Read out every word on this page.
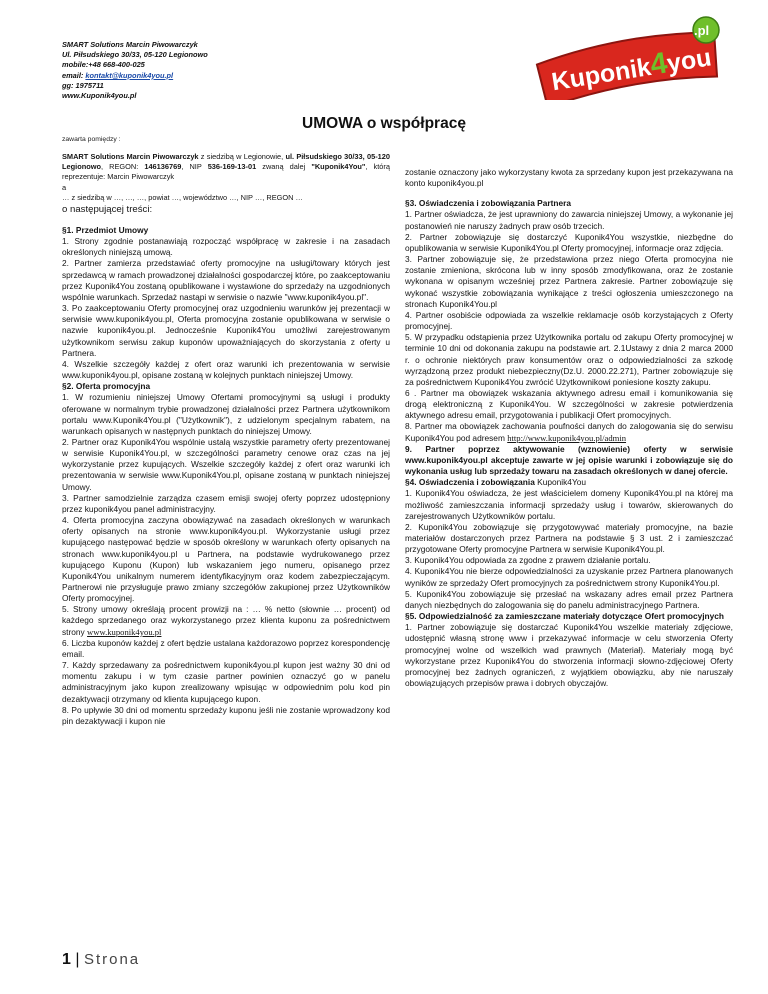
SMART Solutions Marcin Piwowarczyk
Ul. Piłsudskiego 30/33, 05-120 Legionowo
mobile:+48 668-400-025
email: kontakt@kuponik4you.pl
gg: 1975711
www.Kuponik4you.pl	Kuponik4you
.pl
UMOWA o współpracę
zawarta pomiędzy :

SMART Solutions Marcin Piwowarczyk z siedzibą w Legionowie, ul. Piłsudskiego 30/33, 05-120 Legionowo, REGON: 146136769, NIP 536-169-13-01 zwaną dalej "Kuponik4You", którą reprezentuje: Marcin Piwowarczyk

a

… z siedzibą w …, …, …, powiat …, województwo …, NIP …, REGON …

o następującej treści:

§1. Przedmiot Umowy

1. Strony zgodnie postanawiają rozpocząć współpracę w zakresie i na zasadach określonych niniejszą umową.

2. Partner zamierza przedstawiać oferty promocyjne na usługi/towary których jest sprzedawcą w ramach prowadzonej działalności gospodarczej które, po zaakceptowaniu przez Kuponik4You zostaną opublikowane i wystawione do sprzedaży na uzgodnionych wspólnie warunkach. Sprzedaż nastąpi w serwisie o nazwie "www.kuponik4you.pl".

3. Po zaakceptowaniu Oferty promocyjnej oraz uzgodnieniu warunków jej prezentacji w serwisie www.kuponik4you.pl, Oferta promocyjna zostanie opublikowana w serwisie o nazwie kuponik4you.pl. Jednocześnie Kuponik4You umożliwi zarejestrowanym użytkownikom serwisu zakup kuponów upoważniających do skorzystania z oferty u Partnera.

4. Wszelkie szczegóły każdej z ofert oraz warunki ich prezentowania w serwisie www.kuponik4you.pl, opisane zostaną w kolejnych punktach niniejszej Umowy.

§2. Oferta promocyjna

1. W rozumieniu niniejszej Umowy Ofertami promocyjnymi są usługi i produkty oferowane w normalnym trybie prowadzonej działalności przez Partnera użytkownikom portalu www.Kuponik4You.pl ("Użytkownik"), z udzielonym specjalnym rabatem, na warunkach opisanych w następnych punktach do niniejszej Umowy.

2. Partner oraz Kuponik4You wspólnie ustalą wszystkie parametry oferty prezentowanej w serwisie Kuponik4You.pl, w szczególności parametry cenowe oraz czas na jej wykorzystanie przez kupujących. Wszelkie szczegóły każdej z ofert oraz warunki ich prezentowania w serwisie www.Kuponik4You.pl, opisane zostaną w punktach niniejszej Umowy.

3. Partner samodzielnie zarządza czasem emisji swojej oferty poprzez udostępniony przez kuponik4you panel administracyjny.

4. Oferta promocyjna zaczyna obowiązywać na zasadach określonych w warunkach oferty opisanych na stronie www.kuponik4you.pl. Wykorzystanie usługi przez kupującego następować będzie w sposób określony w warunkach oferty opisanych na stronach www.kuponik4you.pl u Partnera, na podstawie wydrukowanego przez kupującego Kuponu (Kupon) lub wskazaniem jego numeru, opisanego przez Kuponik4You unikalnym numerem identyfikacyjnym oraz kodem zabezpieczającym. Partnerowi nie przysługuje prawo zmiany szczegółów zakupionej przez Użytkowników Oferty promocyjnej.

5. Strony umowy określają procent prowizji na : … % netto (słownie … procent) od każdego sprzedanego oraz wykorzystanego przez klienta kuponu za pośrednictwem strony www.kuponik4you.pl

6. Liczba kuponów każdej z ofert będzie ustalana każdorazowo poprzez korespondencję email.

7. Każdy sprzedawany za pośrednictwem kuponik4you.pl kupon jest ważny 30 dni od momentu zakupu i w tym czasie partner powinien oznaczyć go w panelu administracyjnym jako kupon zrealizowany wpisując w odpowiednim polu kod pin dezaktywacji otrzymany od klienta kupującego kupon.

8. Po upływie 30 dni od momentu sprzedaży kuponu jeśli nie zostanie wprowadzony kod pin dezaktywacji i kupon nie

zostanie oznaczony jako wykorzystany kwota za sprzedany kupon jest przekazywana na konto kuponik4you.pl

§3. Oświadczenia i zobowiązania Partnera

1. Partner oświadcza, że jest uprawniony do zawarcia niniejszej Umowy, a wykonanie jej postanowień nie naruszy żadnych praw osób trzecich.

2. Partner zobowiązuje się dostarczyć Kuponik4You wszystkie, niezbędne do opublikowania w serwisie Kuponik4You.pl Oferty promocyjnej, informacje oraz zdjęcia.

3. Partner zobowiązuje się, że przedstawiona przez niego Oferta promocyjna nie zostanie zmieniona, skrócona lub w inny sposób zmodyfikowana, oraz że zostanie wykonana w opisanym wcześniej przez Partnera zakresie. Partner zobowiązuje się wykonać wszystkie zobowiązania wynikające z treści ogłoszenia umieszczonego na stronach Kuponik4You.pl

4. Partner osobiście odpowiada za wszelkie reklamacje osób korzystających z Oferty promocyjnej.

5. W przypadku odstąpienia przez Użytkownika portalu od zakupu Oferty promocyjnej w terminie 10 dni od dokonania zakupu na podstawie art. 2.1Ustawy z dnia 2 marca 2000 r. o ochronie niektórych praw konsumentów oraz o odpowiedzialności za szkodę wyrządzoną przez produkt niebezpieczny(Dz.U. 2000.22.271), Partner zobowiązuje się za pośrednictwem Kuponik4You zwrócić Użytkownikowi poniesione koszty zakupu.

6 . Partner ma obowiązek wskazania aktywnego adresu email i komunikowania się drogą elektroniczną z Kuponik4You. W szczególności w zakresie potwierdzenia aktywnego adresu email, przygotowania i publikacji Ofert promocyjnych.

8. Partner ma obowiązek zachowania poufności danych do zalogowania się do serwisu Kuponik4You pod adresem http://www.kuponik4you.pl/admin

9. Partner poprzez aktywowanie (wznowienie) oferty w serwisie www.kuponik4you.pl akceptuje zawarte w jej opisie warunki i zobowiązuje się do wykonania usług lub sprzedaży towaru na zasadach określonych w danej ofercie.

§4. Oświadczenia i zobowiązania Kuponik4You

1. Kuponik4You oświadcza, że jest właścicielem domeny Kuponik4You.pl na której ma możliwość zamieszczania informacji sprzedaży usług i towarów, skierowanych do zarejestrowanych Użytkowników portalu.

2. Kuponik4You zobowiązuje się przygotowywać materiały promocyjne, na bazie materiałów dostarczonych przez Partnera na podstawie § 3 ust. 2 i zamieszczać przygotowane Oferty promocyjne Partnera w serwisie Kuponik4You.pl.

3. Kuponik4You odpowiada za zgodne z prawem działanie portalu.

4. Kuponik4You nie bierze odpowiedzialności za uzyskanie przez Partnera planowanych wyników ze sprzedaży Ofert promocyjnych za pośrednictwem strony Kuponik4You.pl.

5. Kuponik4You zobowiązuje się przesłać na wskazany adres email przez Partnera danych niezbędnych do zalogowania się do panelu administracyjnego Partnera.

§5. Odpowiedzialność za zamieszczane materiały dotyczące Ofert promocyjnych

1. Partner zobowiązuje się dostarczać Kuponik4You wszelkie materiały zdjęciowe, udostępnić własną stronę www i przekazywać informacje w celu stworzenia Oferty promocyjnej wolne od wszelkich wad prawnych (Materiał). Materiały mogą być wykorzystane przez Kuponik4You do stworzenia informacji słowno-zdjęciowej Oferty promocyjnej bez żadnych ograniczeń, z wyjątkiem obowiązku, aby nie naruszały obowiązujących przepisów prawa i dobrych obyczajów.

1 | Strona
